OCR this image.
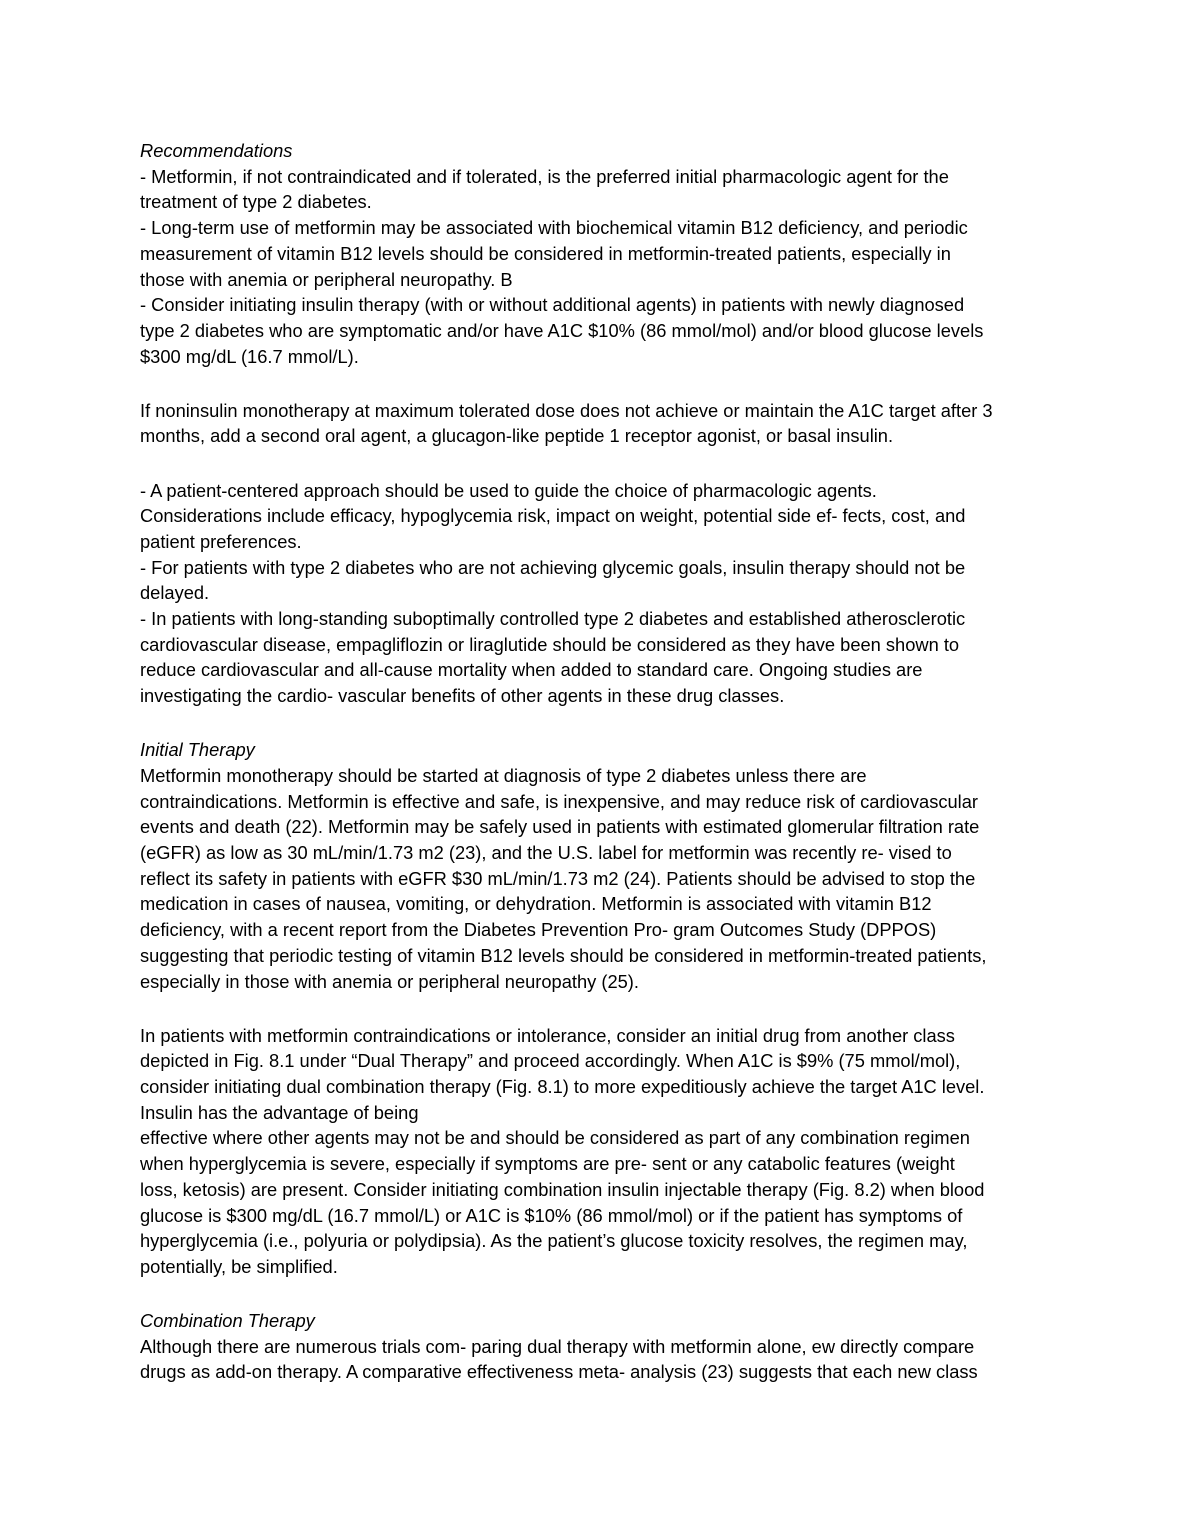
Recommendations
- Metformin, if not contraindicated and if tolerated, is the preferred initial pharmacologic agent for the
treatment of type 2 diabetes.
- Long-term use of metformin may be associated with biochemical vitamin B12 deficiency, and periodic
measurement of vitamin B12 levels should be considered in metformin-treated patients, especially in
those with anemia or peripheral neuropathy. B
- Consider initiating insulin therapy (with or without additional agents) in patients with newly diagnosed
type 2 diabetes who are symptomatic and/or have A1C $10% (86 mmol/mol) and/or blood glucose levels
$300 mg/dL (16.7 mmol/L).
If noninsulin monotherapy at maximum tolerated dose does not achieve or maintain the A1C target after 3
months, add a second oral agent, a glucagon-like peptide 1 receptor agonist, or basal insulin.
- A patient-centered approach should be used to guide the choice of pharmacologic agents.
Considerations include efficacy, hypoglycemia risk, impact on weight, potential side ef- fects, cost, and
patient preferences.
- For patients with type 2 diabetes who are not achieving glycemic goals, insulin therapy should not be
delayed.
- In patients with long-standing suboptimally controlled type 2 diabetes and established atherosclerotic
cardiovascular disease, empagliflozin or liraglutide should be considered as they have been shown to
reduce cardiovascular and all-cause mortality when added to standard care. Ongoing studies are
investigating the cardio- vascular benefits of other agents in these drug classes.
Initial Therapy
Metformin monotherapy should be started at diagnosis of type 2 diabetes unless there are
contraindications. Metformin is effective and safe, is inexpensive, and may reduce risk of cardiovascular
events and death (22). Metformin may be safely used in patients with estimated glomerular filtration rate
(eGFR) as low as 30 mL/min/1.73 m2 (23), and the U.S. label for metformin was recently re- vised to
reflect its safety in patients with eGFR $30 mL/min/1.73 m2 (24). Patients should be advised to stop the
medication in cases of nausea, vomiting, or dehydration. Metformin is associated with vitamin B12
deficiency, with a recent report from the Diabetes Prevention Pro- gram Outcomes Study (DPPOS)
suggesting that periodic testing of vitamin B12 levels should be considered in metformin-treated patients,
especially in those with anemia or peripheral neuropathy (25).
In patients with metformin contraindications or intolerance, consider an initial drug from another class
depicted in Fig. 8.1 under “Dual Therapy” and proceed accordingly. When A1C is $9% (75 mmol/mol),
consider initiating dual combination therapy (Fig. 8.1) to more expeditiously achieve the target A1C level.
Insulin has the advantage of being
effective where other agents may not be and should be considered as part of any combination regimen
when hyperglycemia is severe, especially if symptoms are pre- sent or any catabolic features (weight
loss, ketosis) are present. Consider initiating combination insulin injectable therapy (Fig. 8.2) when blood
glucose is $300 mg/dL (16.7 mmol/L) or A1C is $10% (86 mmol/mol) or if the patient has symptoms of
hyperglycemia (i.e., polyuria or polydipsia). As the patient’s glucose toxicity resolves, the regimen may,
potentially, be simplified.
Combination Therapy
Although there are numerous trials com- paring dual therapy with metformin alone, ew directly compare
drugs as add-on therapy. A comparative effectiveness meta- analysis (23) suggests that each new class
